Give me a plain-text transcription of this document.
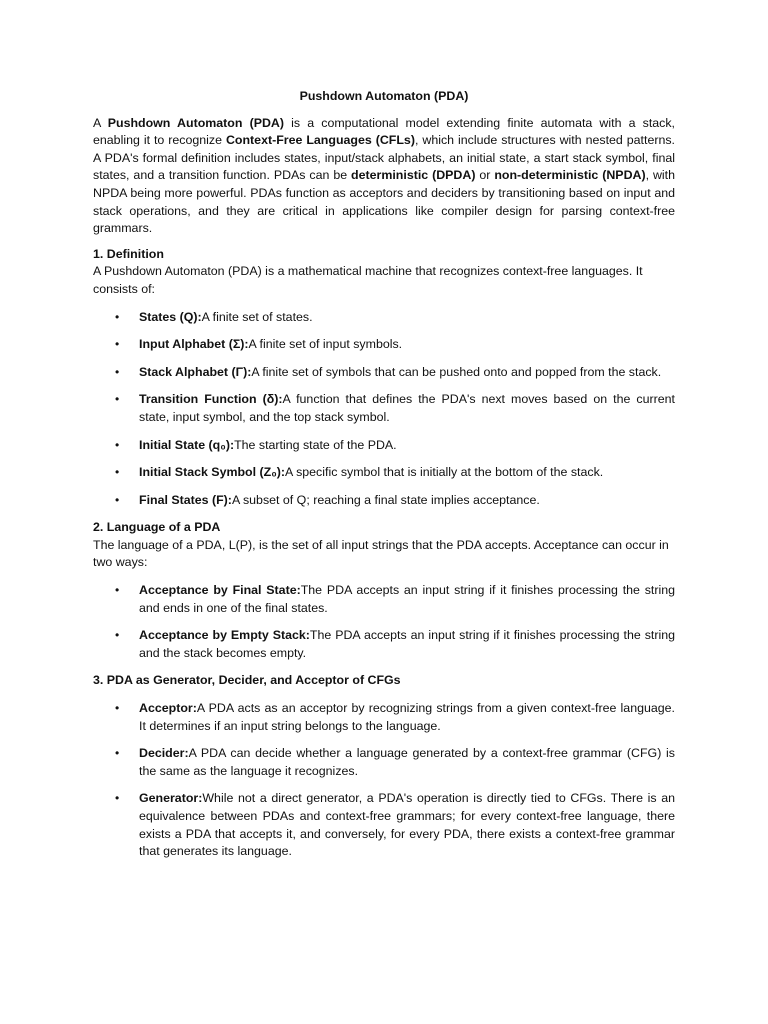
Pushdown Automaton (PDA)

A Pushdown Automaton (PDA) is a computational model extending finite automata with a stack, enabling it to recognize Context-Free Languages (CFLs), which include structures with nested patterns. A PDA's formal definition includes states, input/stack alphabets, an initial state, a start stack symbol, final states, and a transition function. PDAs can be deterministic (DPDA) or non-deterministic (NPDA), with NPDA being more powerful. PDAs function as acceptors and deciders by transitioning based on input and stack operations, and they are critical in applications like compiler design for parsing context-free grammars.

1. Definition

A Pushdown Automaton (PDA) is a mathematical machine that recognizes context-free languages. It consists of:

• States (Q):A finite set of states.
• Input Alphabet (Σ):A finite set of input symbols.
• Stack Alphabet (Γ):A finite set of symbols that can be pushed onto and popped from the stack.
• Transition Function (δ):A function that defines the PDA's next moves based on the current state, input symbol, and the top stack symbol.
• Initial State (q₀):The starting state of the PDA.
• Initial Stack Symbol (Z₀):A specific symbol that is initially at the bottom of the stack.
• Final States (F):A subset of Q; reaching a final state implies acceptance.

2. Language of a PDA

The language of a PDA, L(P), is the set of all input strings that the PDA accepts. Acceptance can occur in two ways:

• Acceptance by Final State:The PDA accepts an input string if it finishes processing the string and ends in one of the final states.
• Acceptance by Empty Stack:The PDA accepts an input string if it finishes processing the string and the stack becomes empty.

3. PDA as Generator, Decider, and Acceptor of CFGs

• Acceptor:A PDA acts as an acceptor by recognizing strings from a given context-free language. It determines if an input string belongs to the language.
• Decider:A PDA can decide whether a language generated by a context-free grammar (CFG) is the same as the language it recognizes.
• Generator:While not a direct generator, a PDA's operation is directly tied to CFGs. There is an equivalence between PDAs and context-free grammars; for every context-free language, there exists a PDA that accepts it, and conversely, for every PDA, there exists a context-free grammar that generates its language.
